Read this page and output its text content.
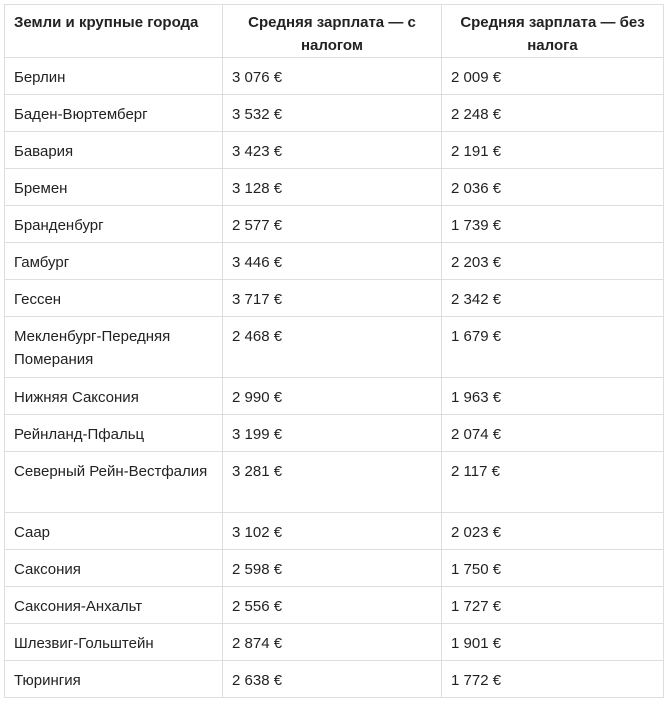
Земли и крупные города	Средняя зарплата — с налогом	Средняя зарплата — без налога
Берлин	3 076 €	2 009 €
Баден-Вюртемберг	3 532 €	2 248 €
Бавария	3 423 €	2 191 €
Бремен	3 128 €	2 036 €
Бранденбург	2 577 €	1 739 €
Гамбург	3 446 €	2 203 €
Гессен	3 717 €	2 342 €
Мекленбург-Передняя Померания	2 468 €	1 679 €
Нижняя Саксония	2 990 €	1 963 €
Рейнланд-Пфальц	3 199 €	2 074 €
Северный Рейн-Вестфалия	3 281 €	2 117 €
Саар	3 102 €	2 023 €
Саксония	2 598 €	1 750 €
Саксония-Анхальт	2 556 €	1 727 €
Шлезвиг-Гольштейн	2 874 €	1 901 €
Тюрингия	2 638 €	1 772 €
